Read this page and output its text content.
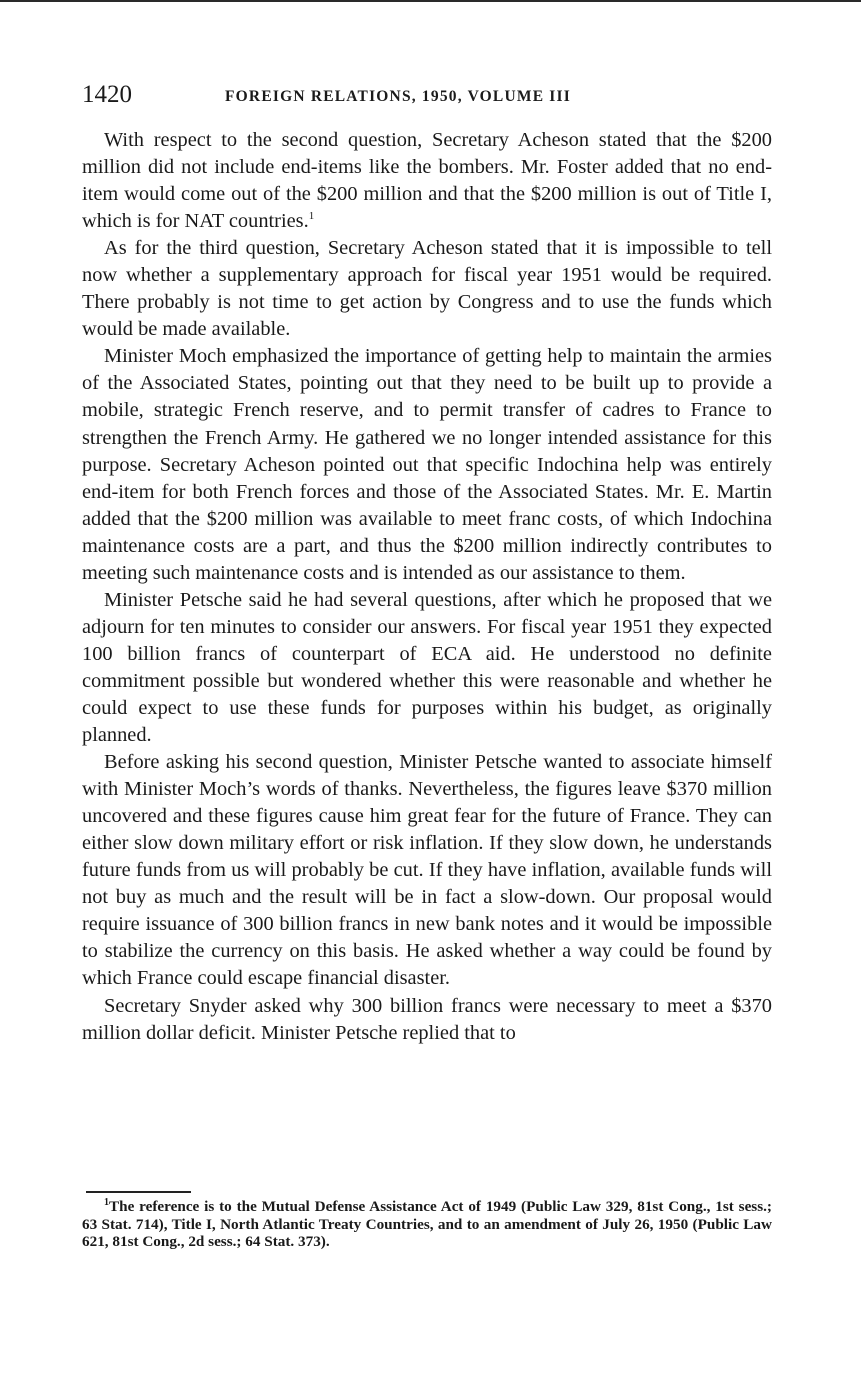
1420	FOREIGN RELATIONS, 1950, VOLUME III

With respect to the second question, Secretary Acheson stated that the $200 million did not include end-items like the bombers. Mr. Foster added that no end-item would come out of the $200 million and that the $200 million is out of Title I, which is for NAT countries.$^1$

As for the third question, Secretary Acheson stated that it is impossible to tell now whether a supplementary approach for fiscal year 1951 would be required. There probably is not time to get action by Congress and to use the funds which would be made available.

Minister Moch emphasized the importance of getting help to maintain the armies of the Associated States, pointing out that they need to be built up to provide a mobile, strategic French reserve, and to permit transfer of cadres to France to strengthen the French Army. He gathered we no longer intended assistance for this purpose. Secretary Acheson pointed out that specific Indochina help was entirely end-item for both French forces and those of the Associated States. Mr. E. Martin added that the $200 million was available to meet franc costs, of which Indochina maintenance costs are a part, and thus the $200 million indirectly contributes to meeting such maintenance costs and is intended as our assistance to them.

Minister Petsche said he had several questions, after which he proposed that we adjourn for ten minutes to consider our answers. For fiscal year 1951 they expected 100 billion francs of counterpart of ECA aid. He understood no definite commitment possible but wondered whether this were reasonable and whether he could expect to use these funds for purposes within his budget, as originally planned.

Before asking his second question, Minister Petsche wanted to associate himself with Minister Moch’s words of thanks. Nevertheless, the figures leave $370 million uncovered and these figures cause him great fear for the future of France. They can either slow down military effort or risk inflation. If they slow down, he understands future funds from us will probably be cut. If they have inflation, available funds will not buy as much and the result will be in fact a slow-down. Our proposal would require issuance of 300 billion francs in new bank notes and it would be impossible to stabilize the currency on this basis. He asked whether a way could be found by which France could escape financial disaster.

Secretary Snyder asked why 300 billion francs were necessary to meet a $370 million dollar deficit. Minister Petsche replied that to

$^1$The reference is to the Mutual Defense Assistance Act of 1949 (Public Law 329, 81st Cong., 1st sess.; 63 Stat. 714), Title I, North Atlantic Treaty Countries, and to an amendment of July 26, 1950 (Public Law 621, 81st Cong., 2d sess.; 64 Stat. 373).
